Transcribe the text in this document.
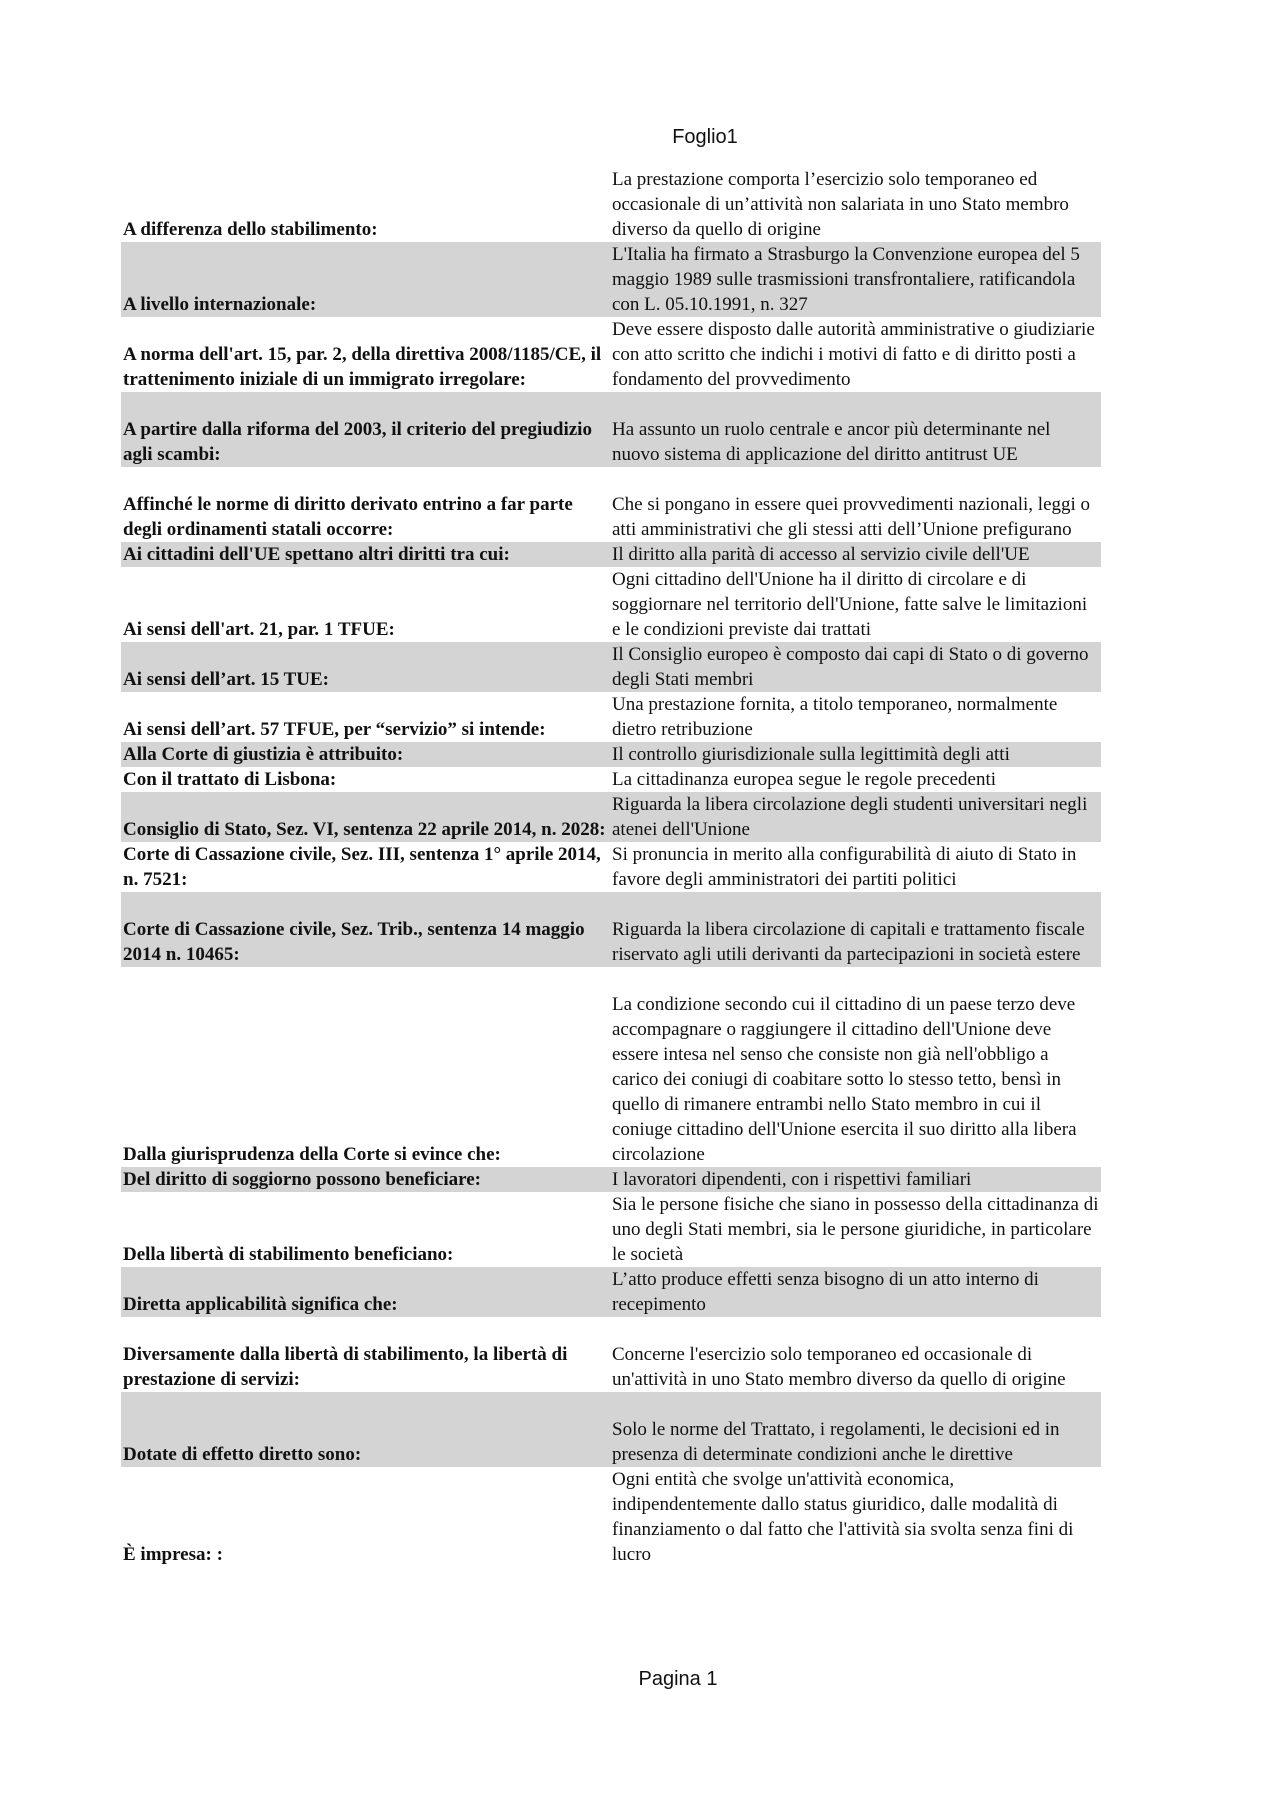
Foglio1
A differenza dello stabilimento:	La prestazione comporta l’esercizio solo temporaneo ed occasionale di un’attività non salariata in uno Stato membro diverso da quello di origine
A livello internazionale:	L'Italia ha firmato a Strasburgo la Convenzione europea del 5 maggio 1989 sulle trasmissioni transfrontaliere, ratificandola con L. 05.10.1991, n. 327
A norma dell'art. 15, par. 2, della direttiva 2008/1185/CE, il trattenimento iniziale di un immigrato irregolare:	Deve essere disposto dalle autorità amministrative o giudiziarie con atto scritto che indichi i motivi di fatto e di diritto posti a fondamento del provvedimento
A partire dalla riforma del 2003, il criterio del pregiudizio agli scambi:	Ha assunto un ruolo centrale e ancor più determinante nel nuovo sistema di applicazione del diritto antitrust UE
Affinché le norme di diritto derivato entrino a far parte degli ordinamenti statali occorre:	Che si pongano in essere quei provvedimenti nazionali, leggi o atti amministrativi che gli stessi atti dell’Unione prefigurano
Ai cittadini dell'UE spettano altri diritti tra cui:	Il diritto alla parità di accesso al servizio civile dell'UE
Ai sensi dell'art. 21, par. 1 TFUE:	Ogni cittadino dell'Unione ha il diritto di circolare e di soggiornare nel territorio dell'Unione, fatte salve le limitazioni e le condizioni previste dai trattati
Ai sensi dell’art. 15 TUE:	Il Consiglio europeo è composto dai capi di Stato o di governo degli Stati membri
Ai sensi dell’art. 57 TFUE, per “servizio” si intende:	Una prestazione fornita, a titolo temporaneo, normalmente dietro retribuzione
Alla Corte di giustizia è attribuito:	Il controllo giurisdizionale sulla legittimità degli atti
Con il trattato di Lisbona:	La cittadinanza europea segue le regole precedenti
Consiglio di Stato, Sez. VI, sentenza 22 aprile 2014, n. 2028:	Riguarda la libera circolazione degli studenti universitari negli atenei dell'Unione
Corte di Cassazione civile, Sez. III, sentenza 1° aprile 2014, n. 7521:	Si pronuncia in merito alla configurabilità di aiuto di Stato in favore degli amministratori dei partiti politici
Corte di Cassazione civile, Sez. Trib., sentenza 14 maggio 2014 n. 10465:	Riguarda la libera circolazione di capitali e trattamento fiscale riservato agli utili derivanti da partecipazioni in società estere
Dalla giurisprudenza della Corte si evince che:	La condizione secondo cui il cittadino di un paese terzo deve accompagnare o raggiungere il cittadino dell'Unione deve essere intesa nel senso che consiste non già nell'obbligo a carico dei coniugi di coabitare sotto lo stesso tetto, bensì in quello di rimanere entrambi nello Stato membro in cui il coniuge cittadino dell'Unione esercita il suo diritto alla libera circolazione
Del diritto di soggiorno possono beneficiare:	I lavoratori dipendenti, con i rispettivi familiari
Della libertà di stabilimento beneficiano:	Sia le persone fisiche che siano in possesso della cittadinanza di uno degli Stati membri, sia le persone giuridiche, in particolare le società
Diretta applicabilità significa che:	L’atto produce effetti senza bisogno di un atto interno di recepimento
Diversamente dalla libertà di stabilimento, la libertà di prestazione di servizi:	Concerne l'esercizio solo temporaneo ed occasionale di un'attività in uno Stato membro diverso da quello di origine
Dotate di effetto diretto sono:	Solo le norme del Trattato, i regolamenti, le decisioni ed in presenza di determinate condizioni anche le direttive
È impresa: :	Ogni entità che svolge un'attività economica, indipendentemente dallo status giuridico, dalle modalità di finanziamento o dal fatto che l'attività sia svolta senza fini di lucro
Pagina 1
